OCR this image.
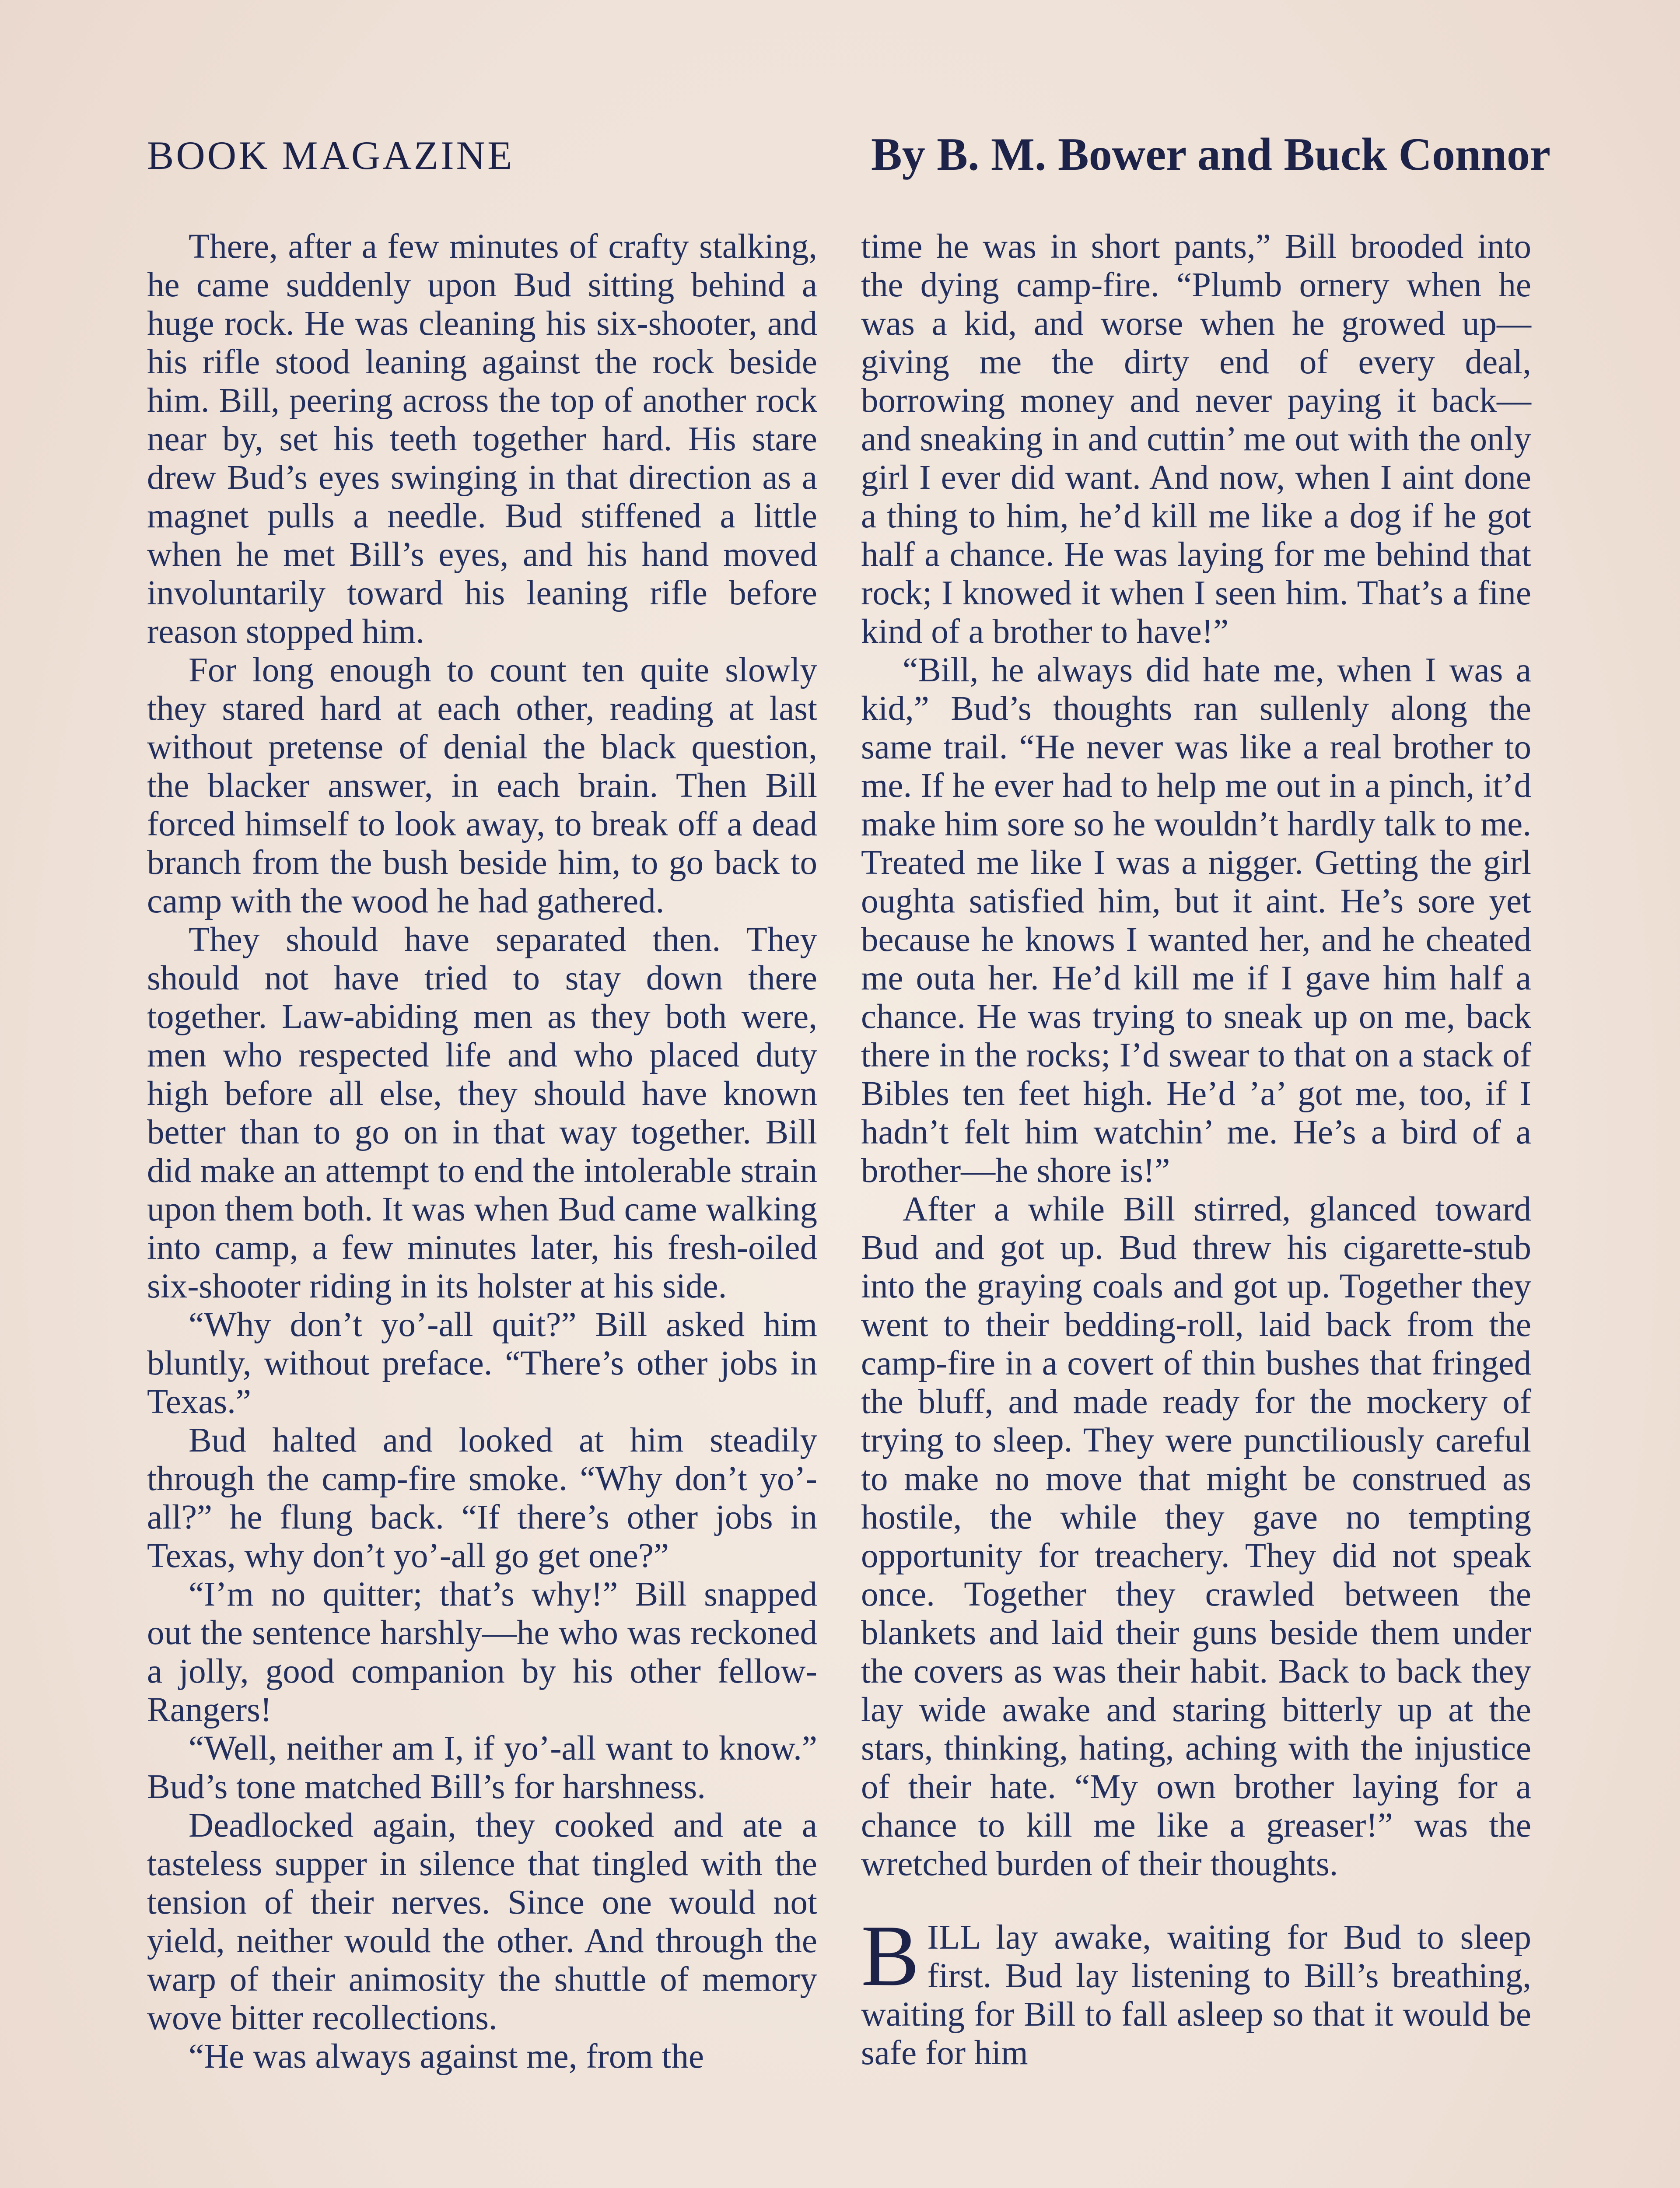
BOOK MAGAZINE	By B. M. Bower and Buck Connor

There, after a few minutes of crafty stalking, he came suddenly upon Bud sitting behind a huge rock. He was cleaning his six-shooter, and his rifle stood leaning against the rock beside him. Bill, peering across the top of another rock near by, set his teeth together hard. His stare drew Bud’s eyes swinging in that direction as a magnet pulls a needle. Bud stiffened a little when he met Bill’s eyes, and his hand moved involuntarily toward his leaning rifle before reason stopped him.

For long enough to count ten quite slowly they stared hard at each other, reading at last without pretense of denial the black question, the blacker answer, in each brain. Then Bill forced himself to look away, to break off a dead branch from the bush beside him, to go back to camp with the wood he had gathered.

They should have separated then. They should not have tried to stay down there together. Law-abiding men as they both were, men who respected life and who placed duty high before all else, they should have known better than to go on in that way together. Bill did make an attempt to end the intolerable strain upon them both. It was when Bud came walking into camp, a few minutes later, his fresh-oiled six-shooter riding in its holster at his side.

“Why don’t yo’-all quit?” Bill asked him bluntly, without preface. “There’s other jobs in Texas.”

Bud halted and looked at him steadily through the camp-fire smoke. “Why don’t yo’-all?” he flung back. “If there’s other jobs in Texas, why don’t yo’-all go get one?”

“I’m no quitter; that’s why!” Bill snapped out the sentence harshly—he who was reckoned a jolly, good companion by his other fellow-Rangers!

“Well, neither am I, if yo’-all want to know.” Bud’s tone matched Bill’s for harshness.

Deadlocked again, they cooked and ate a tasteless supper in silence that tingled with the tension of their nerves. Since one would not yield, neither would the other. And through the warp of their animosity the shuttle of memory wove bitter recollections.

“He was always against me, from the

time he was in short pants,” Bill brooded into the dying camp-fire. “Plumb ornery when he was a kid, and worse when he growed up—giving me the dirty end of every deal, borrowing money and never paying it back—and sneaking in and cuttin’ me out with the only girl I ever did want. And now, when I aint done a thing to him, he’d kill me like a dog if he got half a chance. He was laying for me behind that rock; I knowed it when I seen him. That’s a fine kind of a brother to have!”

“Bill, he always did hate me, when I was a kid,” Bud’s thoughts ran sullenly along the same trail. “He never was like a real brother to me. If he ever had to help me out in a pinch, it’d make him sore so he wouldn’t hardly talk to me. Treated me like I was a nigger. Getting the girl oughta satisfied him, but it aint. He’s sore yet because he knows I wanted her, and he cheated me outa her. He’d kill me if I gave him half a chance. He was trying to sneak up on me, back there in the rocks; I’d swear to that on a stack of Bibles ten feet high. He’d ’a’ got me, too, if I hadn’t felt him watchin’ me. He’s a bird of a brother—he shore is!”

After a while Bill stirred, glanced toward Bud and got up. Bud threw his cigarette-stub into the graying coals and got up. Together they went to their bedding-roll, laid back from the camp-fire in a covert of thin bushes that fringed the bluff, and made ready for the mockery of trying to sleep. They were punctiliously careful to make no move that might be construed as hostile, the while they gave no tempting opportunity for treachery. They did not speak once. Together they crawled between the blankets and laid their guns beside them under the covers as was their habit. Back to back they lay wide awake and staring bitterly up at the stars, thinking, hating, aching with the injustice of their hate. “My own brother laying for a chance to kill me like a greaser!” was the wretched burden of their thoughts.

BILL lay awake, waiting for Bud to sleep first. Bud lay listening to Bill’s breathing, waiting for Bill to fall asleep so that it would be safe for him
